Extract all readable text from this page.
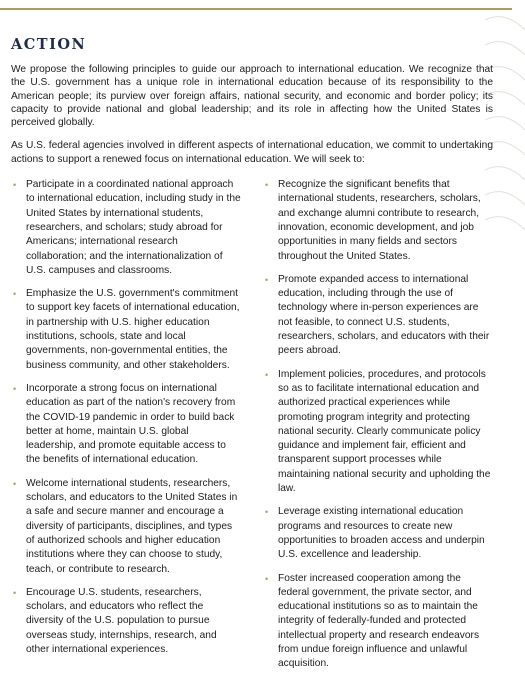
ACTION

We propose the following principles to guide our approach to international education. We recognize that the U.S. government has a unique role in international education because of its responsibility to the American people; its purview over foreign affairs, national security, and economic and border policy; its capacity to provide national and global leadership; and its role in affecting how the United States is perceived globally.

As U.S. federal agencies involved in different aspects of international education, we commit to undertaking actions to support a renewed focus on international education. We will seek to:

• Participate in a coordinated national approach to international education, including study in the United States by international students, researchers, and scholars; study abroad for Americans; international research collaboration; and the internationalization of U.S. campuses and classrooms.
• Emphasize the U.S. government's commitment to support key facets of international education, in partnership with U.S. higher education institutions, schools, state and local governments, non-governmental entities, the business community, and other stakeholders.
• Incorporate a strong focus on international education as part of the nation's recovery from the COVID-19 pandemic in order to build back better at home, maintain U.S. global leadership, and promote equitable access to the benefits of international education.
• Welcome international students, researchers, scholars, and educators to the United States in a safe and secure manner and encourage a diversity of participants, disciplines, and types of authorized schools and higher education institutions where they can choose to study, teach, or contribute to research.
• Encourage U.S. students, researchers, scholars, and educators who reflect the diversity of the U.S. population to pursue overseas study, internships, research, and other international experiences.
• Recognize the significant benefits that international students, researchers, scholars, and exchange alumni contribute to research, innovation, economic development, and job opportunities in many fields and sectors throughout the United States.
• Promote expanded access to international education, including through the use of technology where in-person experiences are not feasible, to connect U.S. students, researchers, scholars, and educators with their peers abroad.
• Implement policies, procedures, and protocols so as to facilitate international education and authorized practical experiences while promoting program integrity and protecting national security. Clearly communicate policy guidance and implement fair, efficient and transparent support processes while maintaining national security and upholding the law.
• Leverage existing international education programs and resources to create new opportunities to broaden access and underpin U.S. excellence and leadership.
• Foster increased cooperation among the federal government, the private sector, and educational institutions so as to maintain the integrity of federally-funded and protected intellectual property and research endeavors from undue foreign influence and unlawful acquisition.
